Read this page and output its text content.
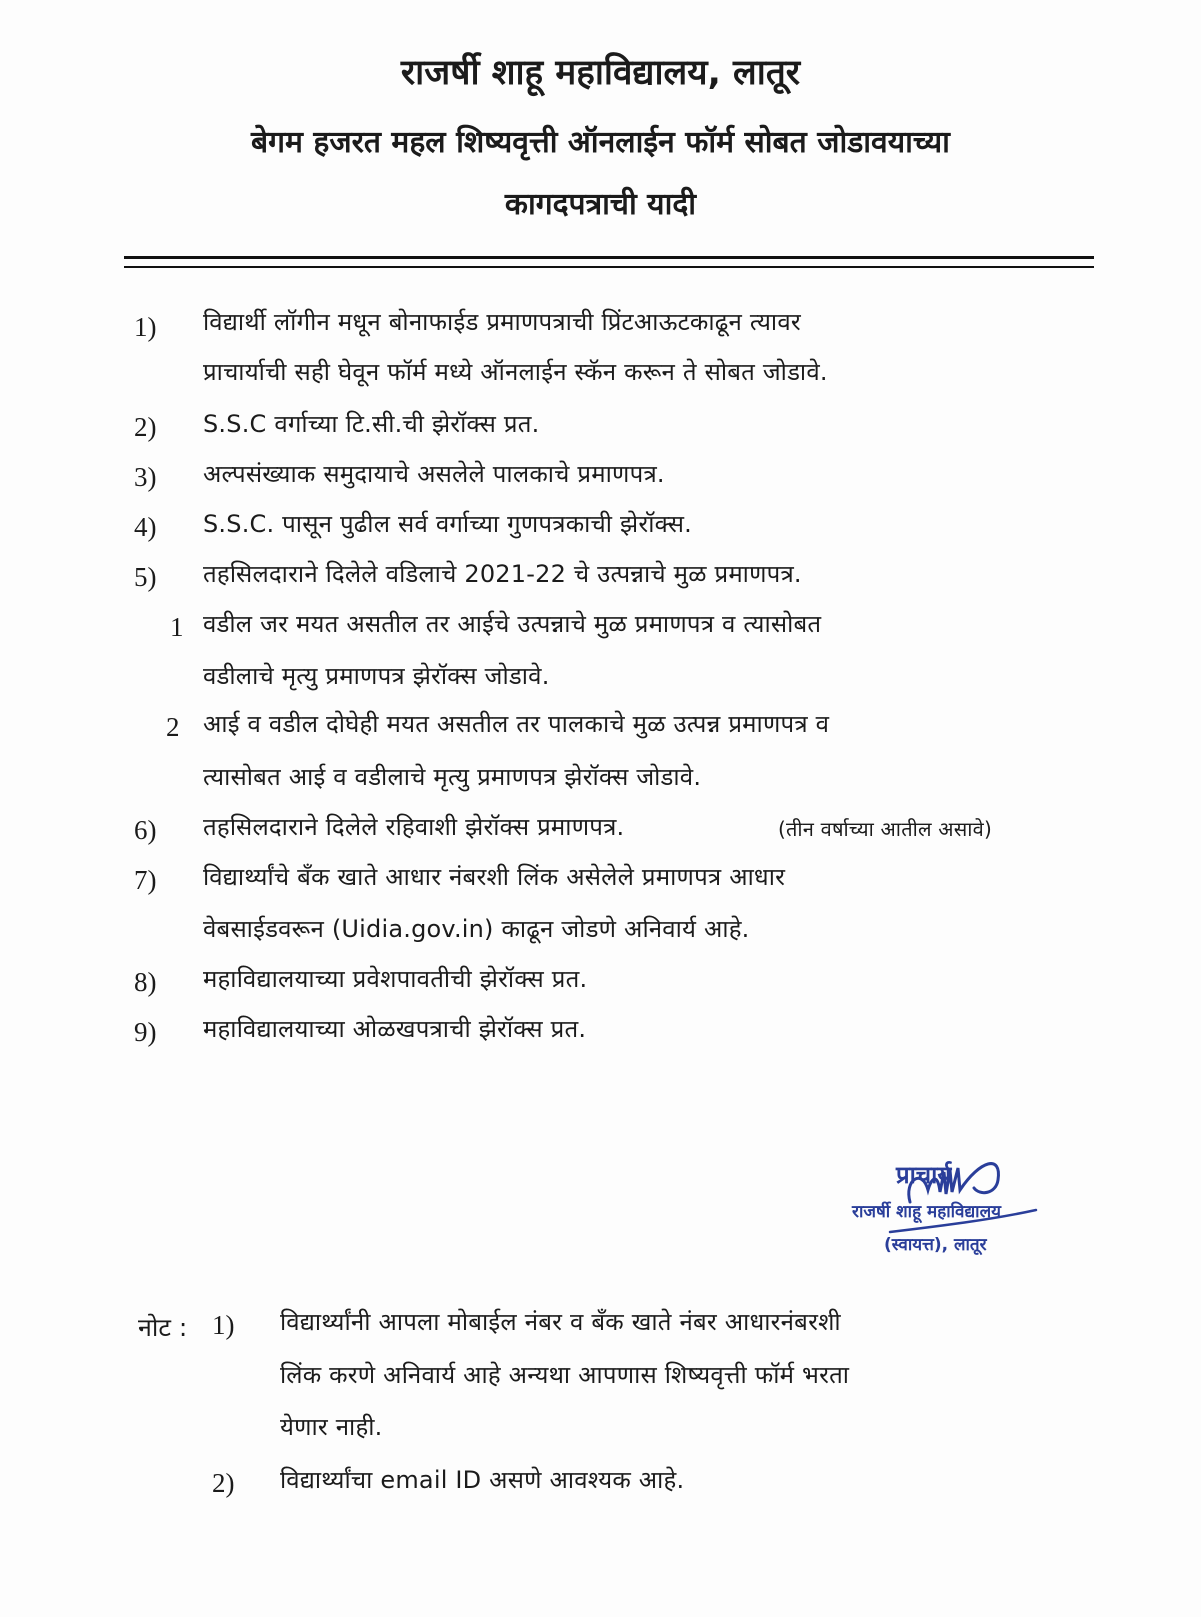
राजर्षी शाहू महाविद्यालय, लातूर
बेगम हजरत महल शिष्यवृत्ती ऑनलाईन फॉर्म सोबत जोडावयाच्या
कागदपत्राची यादी
1) विद्यार्थी लॉगीन मधून बोनाफाईड प्रमाणपत्राची प्रिंटआऊटकाढून त्यावर
प्राचार्याची सही घेवून फॉर्म मध्ये ऑनलाईन स्कॅन करून ते सोबत जोडावे.
2) S.S.C वर्गाच्या टि.सी.ची झेरॉक्स प्रत.
3) अल्पसंख्याक समुदायाचे असलेले पालकाचे प्रमाणपत्र.
4) S.S.C. पासून पुढील सर्व वर्गाच्या गुणपत्रकाची झेरॉक्स.
5) तहसिलदाराने दिलेले वडिलाचे 2021-22 चे उत्पन्नाचे मुळ प्रमाणपत्र.
1 वडील जर मयत असतील तर आईचे उत्पन्नाचे मुळ प्रमाणपत्र व त्यासोबत
वडीलाचे मृत्यु प्रमाणपत्र झेरॉक्स जोडावे.
2 आई व वडील दोघेही मयत असतील तर पालकाचे मुळ उत्पन्न प्रमाणपत्र व
त्यासोबत आई व वडीलाचे मृत्यु प्रमाणपत्र झेरॉक्स जोडावे.
6) तहसिलदाराने दिलेले रहिवाशी झेरॉक्स प्रमाणपत्र.	(तीन वर्षाच्या आतील असावे)
7) विद्यार्थ्यांचे बँक खाते आधार नंबरशी लिंक असेलेले प्रमाणपत्र आधार
वेबसाईडवरून (Uidia.gov.in) काढून जोडणे अनिवार्य आहे.
8) महाविद्यालयाच्या प्रवेशपावतीची झेरॉक्स प्रत.
9) महाविद्यालयाच्या ओळखपत्राची झेरॉक्स प्रत.
प्राचार्य
राजर्षी शाहू महाविद्यालय
(स्वायत्त), लातूर
नोट : 1) विद्यार्थ्यांनी आपला मोबाईल नंबर व बँक खाते नंबर आधारनंबरशी
लिंक करणे अनिवार्य आहे अन्यथा आपणास शिष्यवृत्ती फॉर्म भरता
येणार नाही.
2) विद्यार्थ्यांचा email ID असणे आवश्यक आहे.
